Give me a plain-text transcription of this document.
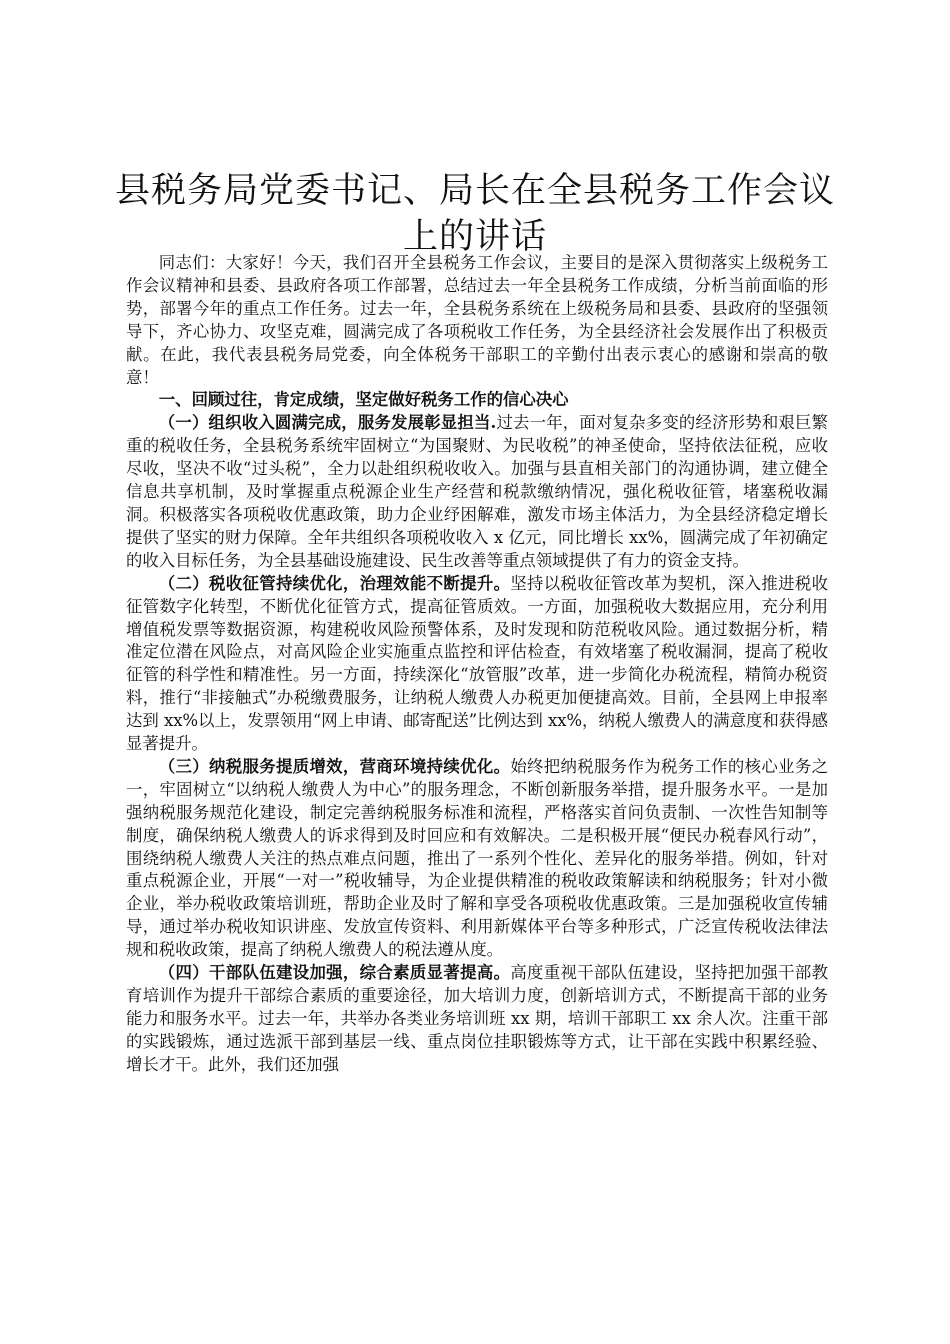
县税务局党委书记、局长在全县税务工作会议上的讲话

同志们：大家好！今天，我们召开全县税务工作会议，主要目的是深入贯彻落实上级税务工作会议精神和县委、县政府各项工作部署，总结过去一年全县税务工作成绩，分析当前面临的形势，部署今年的重点工作任务。过去一年，全县税务系统在上级税务局和县委、县政府的坚强领导下，齐心协力、攻坚克难，圆满完成了各项税收工作任务，为全县经济社会发展作出了积极贡献。在此，我代表县税务局党委，向全体税务干部职工的辛勤付出表示衷心的感谢和崇高的敬意！

一、回顾过往，肯定成绩，坚定做好税务工作的信心决心

（一）组织收入圆满完成，服务发展彰显担当.过去一年，面对复杂多变的经济形势和艰巨繁重的税收任务，全县税务系统牢固树立“为国聚财、为民收税”的神圣使命，坚持依法征税，应收尽收，坚决不收“过头税”，全力以赴组织税收收入。加强与县直相关部门的沟通协调，建立健全信息共享机制，及时掌握重点税源企业生产经营和税款缴纳情况，强化税收征管，堵塞税收漏洞。积极落实各项税收优惠政策，助力企业纾困解难，激发市场主体活力，为全县经济稳定增长提供了坚实的财力保障。全年共组织各项税收收入 x 亿元，同比增长 xx%，圆满完成了年初确定的收入目标任务，为全县基础设施建设、民生改善等重点领域提供了有力的资金支持。

（二）税收征管持续优化，治理效能不断提升。坚持以税收征管改革为契机，深入推进税收征管数字化转型，不断优化征管方式，提高征管质效。一方面，加强税收大数据应用，充分利用增值税发票等数据资源，构建税收风险预警体系，及时发现和防范税收风险。通过数据分析，精准定位潜在风险点，对高风险企业实施重点监控和评估检查，有效堵塞了税收漏洞，提高了税收征管的科学性和精准性。另一方面，持续深化“放管服”改革，进一步简化办税流程，精简办税资料，推行“非接触式”办税缴费服务，让纳税人缴费人办税更加便捷高效。目前，全县网上申报率达到 xx%以上，发票领用“网上申请、邮寄配送”比例达到 xx%，纳税人缴费人的满意度和获得感显著提升。

（三）纳税服务提质增效，营商环境持续优化。始终把纳税服务作为税务工作的核心业务之一，牢固树立“以纳税人缴费人为中心”的服务理念，不断创新服务举措，提升服务水平。一是加强纳税服务规范化建设，制定完善纳税服务标准和流程，严格落实首问负责制、一次性告知制等制度，确保纳税人缴费人的诉求得到及时回应和有效解决。二是积极开展“便民办税春风行动”，围绕纳税人缴费人关注的热点难点问题，推出了一系列个性化、差异化的服务举措。例如，针对重点税源企业，开展“一对一”税收辅导，为企业提供精准的税收政策解读和纳税服务；针对小微企业，举办税收政策培训班，帮助企业及时了解和享受各项税收优惠政策。三是加强税收宣传辅导，通过举办税收知识讲座、发放宣传资料、利用新媒体平台等多种形式，广泛宣传税收法律法规和税收政策，提高了纳税人缴费人的税法遵从度。

（四）干部队伍建设加强，综合素质显著提高。高度重视干部队伍建设，坚持把加强干部教育培训作为提升干部综合素质的重要途径，加大培训力度，创新培训方式，不断提高干部的业务能力和服务水平。过去一年，共举办各类业务培训班 xx 期，培训干部职工 xx 余人次。注重干部的实践锻炼，通过选派干部到基层一线、重点岗位挂职锻炼等方式，让干部在实践中积累经验、增长才干。此外，我们还加强
